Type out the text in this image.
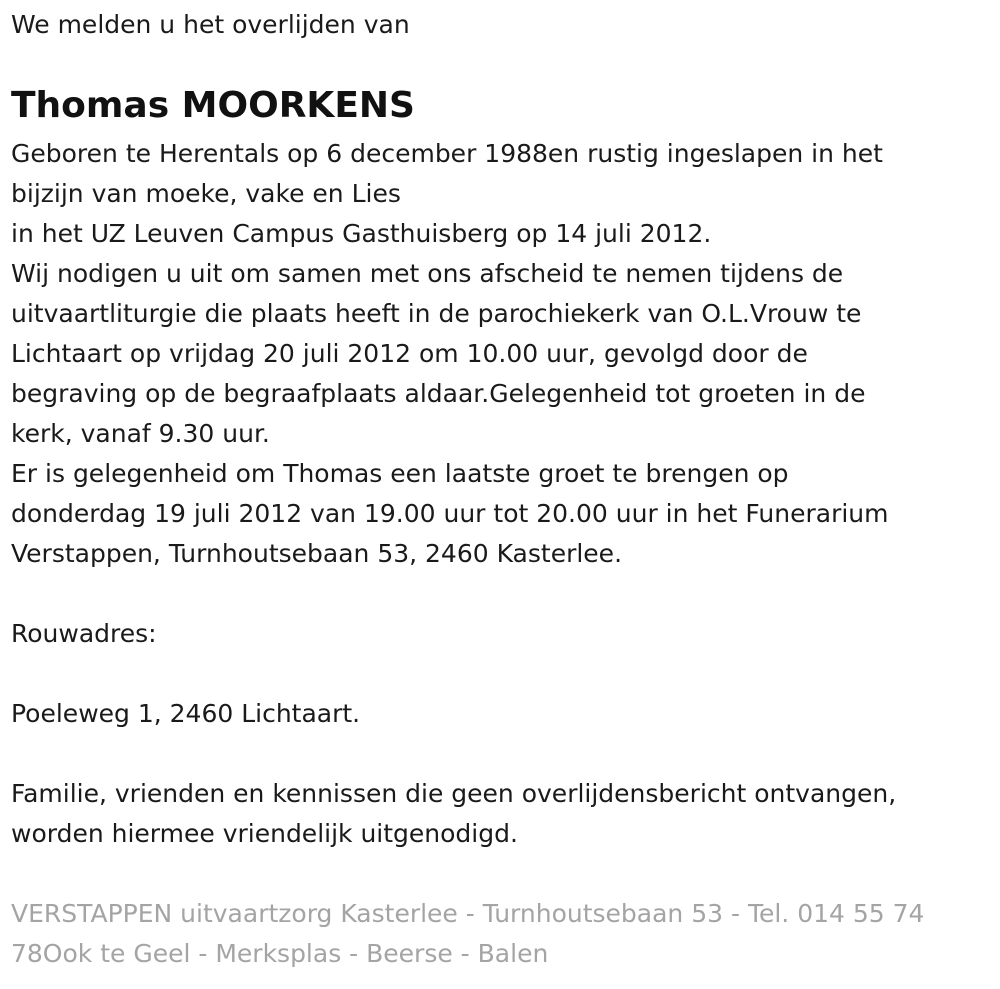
We melden u het overlijden van
Thomas MOORKENS
Geboren te Herentals op 6 december 1988en rustig ingeslapen in het
bijzijn van moeke, vake en Lies
in het UZ Leuven Campus Gasthuisberg op 14 juli 2012.
Wij nodigen u uit om samen met ons afscheid te nemen tijdens de
uitvaartliturgie die plaats heeft in de parochiekerk van O.L.Vrouw te
Lichtaart op vrijdag 20 juli 2012 om 10.00 uur, gevolgd door de
begraving op de begraafplaats aldaar.Gelegenheid tot groeten in de
kerk, vanaf 9.30 uur.
Er is gelegenheid om Thomas een laatste groet te brengen op
donderdag 19 juli 2012 van 19.00 uur tot 20.00 uur in het Funerarium
Verstappen, Turnhoutsebaan 53, 2460 Kasterlee.
Rouwadres:
Poeleweg 1, 2460 Lichtaart.
Familie, vrienden en kennissen die geen overlijdensbericht ontvangen,
worden hiermee vriendelijk uitgenodigd.
VERSTAPPEN uitvaartzorg Kasterlee - Turnhoutsebaan 53 - Tel. 014 55 74
78Ook te Geel - Merksplas - Beerse - Balen
